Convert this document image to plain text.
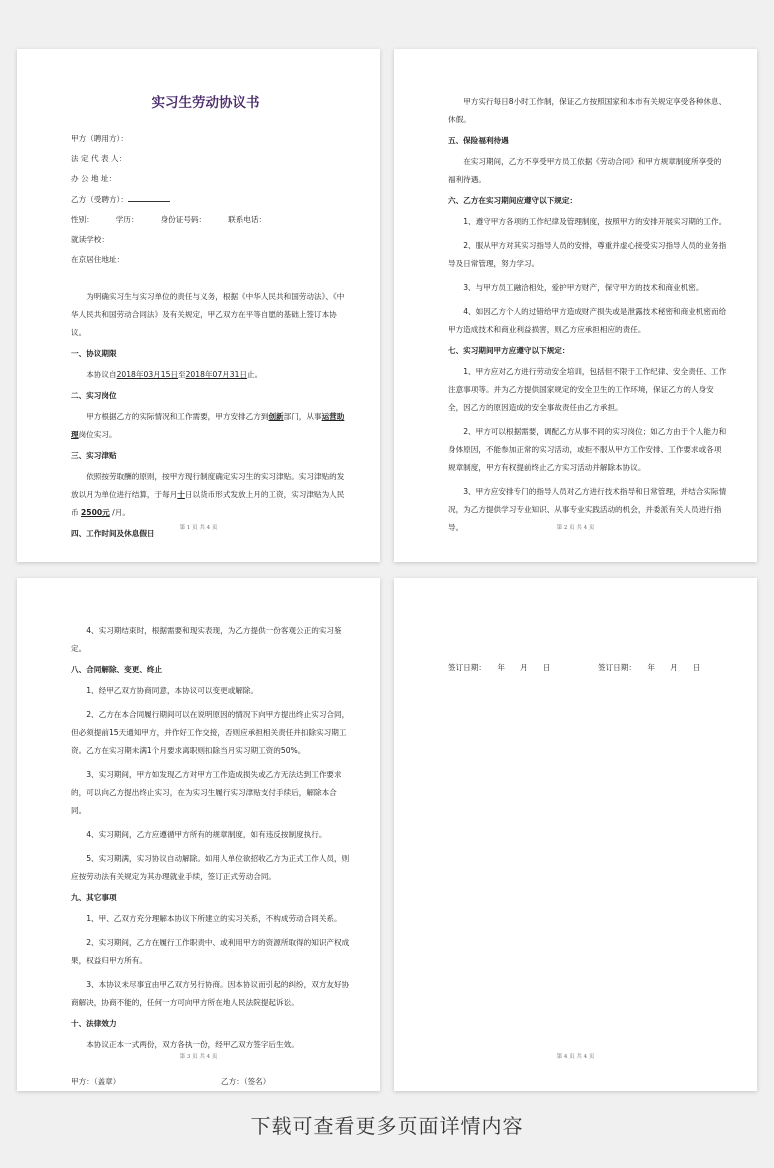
实习生劳动协议书
甲方（聘用方）：
法 定 代 表 人：
办 公 地 址：
乙方（受聘方）：
性别：	学历：	身份证号码：	联系电话：
就读学校：
在京居住地址：
为明确实习生与实习单位的责任与义务，根据《中华人民共和国劳动法》、《中华人民共和国劳动合同法》及有关规定，甲乙双方在平等自愿的基础上签订本协议。
一、协议期限
本协议自2018年03月15日至2018年07月31日止。
二、实习岗位
甲方根据乙方的实际情况和工作需要，甲方安排乙方到创新部门，从事运营助理岗位实习。
三、实习津贴
依照按劳取酬的原则，按甲方现行制度确定实习生的实习津贴。实习津贴的发放以月为单位进行结算，于每月十日以货币形式发放上月的工资，实习津贴为人民币 2500元 /月。
四、工作时间及休息假日
第 1 页 共 4 页
甲方实行每日8小时工作制，保证乙方按照国家和本市有关规定享受各种休息、休假。
五、保险福利待遇
在实习期间，乙方不享受甲方员工依据《劳动合同》和甲方规章制度所享受的福利待遇。
六、乙方在实习期间应遵守以下规定：
1、遵守甲方各项的工作纪律及管理制度，按照甲方的安排开展实习期的工作。
2、服从甲方对其实习指导人员的安排，尊重并虚心接受实习指导人员的业务指导及日常管理，努力学习。
3、与甲方员工融洽相处，爱护甲方财产，保守甲方的技术和商业机密。
4、如因乙方个人的过错给甲方造成财产损失或是泄露技术秘密和商业机密而给甲方造成技术和商业利益损害，则乙方应承担相应的责任。
七、实习期间甲方应遵守以下规定：
1、甲方应对乙方进行劳动安全培训，包括但不限于工作纪律、安全责任、工作注意事项等。并为乙方提供国家规定的安全卫生的工作环境，保证乙方的人身安全，因乙方的原因造成的安全事故责任由乙方承担。
2、甲方可以根据需要，调配乙方从事不同的实习岗位；如乙方由于个人能力和身体原因，不能参加正常的实习活动，或拒不服从甲方工作安排、工作要求或各项规章制度，甲方有权提前终止乙方实习活动并解除本协议。
3、甲方应安排专门的指导人员对乙方进行技术指导和日常管理，并结合实际情况，为乙方提供学习专业知识、从事专业实践活动的机会，并委派有关人员进行指导。	第 2 页 共 4 页
4、实习期结束时，根据需要和现实表现，为乙方提供一份客观公正的实习鉴定。
八、合同解除、变更、终止
1、经甲乙双方协商同意，本协议可以变更或解除。
2、乙方在本合同履行期间可以在说明原因的情况下向甲方提出终止实习合同，但必须提前15天通知甲方，并作好工作交接，否则应承担相关责任并扣除实习期工资。乙方在实习期未满1个月要求离职则扣除当月实习期工资的50%。
3、实习期间，甲方如发现乙方对甲方工作造成损失或乙方无法达到工作要求的，可以向乙方提出终止实习，在为实习生履行实习津贴支付手续后，解除本合同。
4、实习期间，乙方应遵循甲方所有的规章制度，如有违反按制度执行。
5、实习期满，实习协议自动解除。如用人单位欲招收乙方为正式工作人员，则应按劳动法有关规定为其办理就业手续，签订正式劳动合同。
九、其它事项
1、甲、乙双方充分理解本协议下所建立的实习关系，不构成劳动合同关系。
2、实习期间，乙方在履行工作职责中、或利用甲方的资源所取得的知识产权成果，权益归甲方所有。
3、本协议未尽事宜由甲乙双方另行协商。因本协议而引起的纠纷，双方友好协商解决，协商不能的，任何一方可向甲方所在地人民法院提起诉讼。
十、法律效力
本协议正本一式两份，双方各执一份，经甲乙双方签字后生效。
甲方：（盖章）	乙方：（签名）
第 3 页 共 4 页
签订日期：　　年　　月　　日	签订日期：　　年　　月　　日
第 4 页 共 4 页
下载可查看更多页面详情内容
